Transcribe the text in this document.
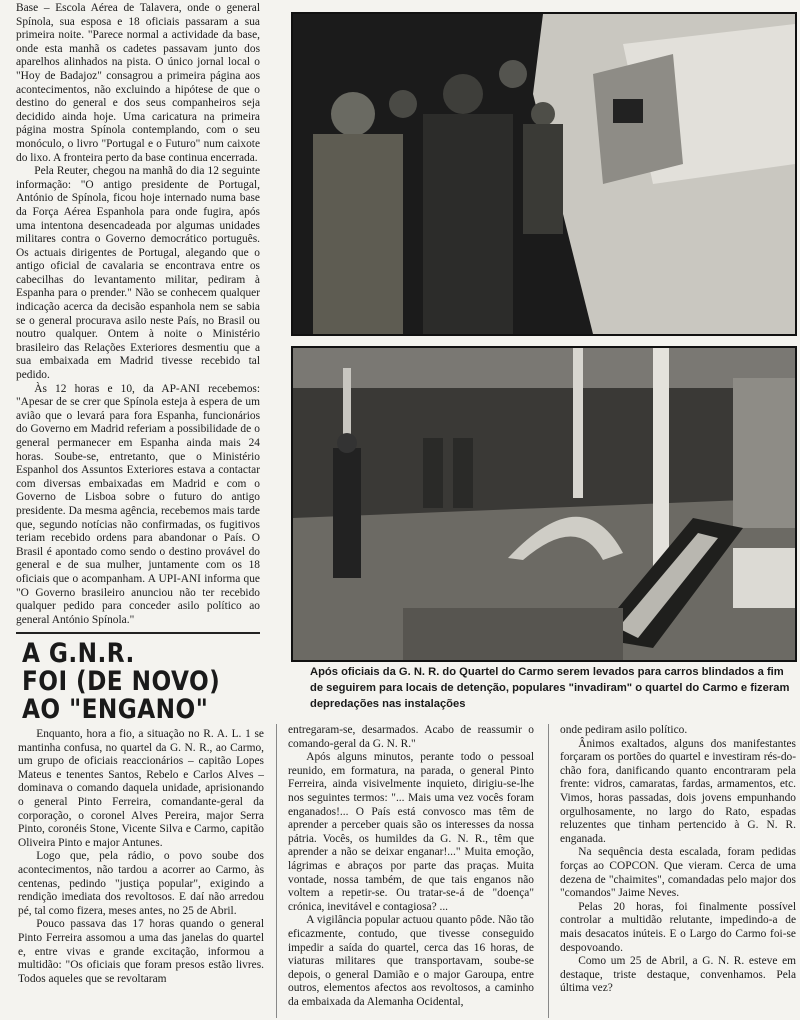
Base – Escola Aérea de Talavera, onde o general Spínola, sua esposa e 18 oficiais passaram a sua primeira noite. "Parece normal a actividade da base, onde esta manhã os cadetes passavam junto dos aparelhos alinhados na pista. O único jornal local o "Hoy de Badajoz" consagrou a primeira página aos acontecimentos, não excluindo a hipótese de que o destino do general e dos seus companheiros seja decidido ainda hoje. Uma caricatura na primeira página mostra Spínola contemplando, com o seu monóculo, o livro "Portugal e o Futuro" num caixote do lixo. A fronteira perto da base continua encerrada.

Pela Reuter, chegou na manhã do dia 12 seguinte informação: "O antigo presidente de Portugal, António de Spínola, ficou hoje internado numa base da Força Aérea Espanhola para onde fugira, após uma intentona desencadeada por algumas unidades militares contra o Governo democrático português. Os actuais dirigentes de Portugal, alegando que o antigo oficial de cavalaria se encontrava entre os cabecilhas do levantamento militar, pediram à Espanha para o prender." Não se conhecem qualquer indicação acerca da decisão espanhola nem se sabia se o general procurava asilo neste País, no Brasil ou noutro qualquer. Ontem à noite o Ministério brasileiro das Relações Exteriores desmentiu que a sua embaixada em Madrid tivesse recebido tal pedido.

Às 12 horas e 10, da AP-ANI recebemos: "Apesar de se crer que Spínola esteja à espera de um avião que o levará para fora Espanha, funcionários do Governo em Madrid referiam a possibilidade de o general permanecer em Espanha ainda mais 24 horas. Soube-se, entretanto, que o Ministério Espanhol dos Assuntos Exteriores estava a contactar com diversas embaixadas em Madrid e com o Governo de Lisboa sobre o futuro do antigo presidente. Da mesma agência, recebemos mais tarde que, segundo notícias não confirmadas, os fugitivos teriam recebido ordens para abandonar o País. O Brasil é apontado como sendo o destino provável do general e de sua mulher, juntamente com os 18 oficiais que o acompanham. A UPI-ANI informa que "O Governo brasileiro anunciou não ter recebido qualquer pedido para conceder asilo político ao general António Spínola."

A G.N.R.
FOI (DE NOVO)
AO "ENGANO"
Após oficiais da G. N. R. do Quartel do Carmo serem levados para carros blindados a fim de seguirem para locais de detenção, populares "invadiram" o quartel do Carmo e fizeram depredações nas instalações

Enquanto, hora a fio, a situação no R. A. L. 1 se mantinha confusa, no quartel da G. N. R., ao Carmo, um grupo de oficiais reaccionários – capitão Lopes Mateus e tenentes Santos, Rebelo e Carlos Alves – dominava o comando daquela unidade, aprisionando o general Pinto Ferreira, comandante-geral da corporação, o coronel Alves Pereira, major Serra Pinto, coronéis Stone, Vicente Silva e Carmo, capitão Oliveira Pinto e major Antunes.

Logo que, pela rádio, o povo soube dos acontecimentos, não tardou a acorrer ao Carmo, às centenas, pedindo "justiça popular", exigindo a rendição imediata dos revoltosos. E daí não arredou pé, tal como fizera, meses antes, no 25 de Abril.

Pouco passava das 17 horas quando o general Pinto Ferreira assomou a uma das janelas do quartel e, entre vivas e grande excitação, informou a multidão: "Os oficiais que foram presos estão livres. Todos aqueles que se revoltaram

entregaram-se, desarmados. Acabo de reassumir o comando-geral da G. N. R."

Após alguns minutos, perante todo o pessoal reunido, em formatura, na parada, o general Pinto Ferreira, ainda visivelmente inquieto, dirigiu-se-lhe nos seguintes termos: "... Mais uma vez vocês foram enganados!... O País está convosco mas têm de aprender a perceber quais são os interesses da nossa pátria. Vocês, os humildes da G. N. R., têm que aprender a não se deixar enganar!..." Muita emoção, lágrimas e abraços por parte das praças. Muita vontade, nossa também, de que tais enganos não voltem a repetir-se. Ou tratar-se-á de "doença" crónica, inevitável e contagiosa? ...

A vigilância popular actuou quanto pôde. Não tão eficazmente, contudo, que tivesse conseguido impedir a saída do quartel, cerca das 16 horas, de viaturas militares que transportavam, soube-se depois, o general Damião e o major Garoupa, entre outros, elementos afectos aos revoltosos, a caminho da embaixada da Alemanha Ocidental,

onde pediram asilo político.

Ânimos exaltados, alguns dos manifestantes forçaram os portões do quartel e investiram rés-do-chão fora, danificando quanto encontraram pela frente: vidros, camaratas, fardas, armamentos, etc. Vimos, horas passadas, dois jovens empunhando orgulhosamente, no largo do Rato, espadas reluzentes que tinham pertencido à G. N. R. enganada.

Na sequência desta escalada, foram pedidas forças ao COPCON. Que vieram. Cerca de uma dezena de "chaimites", comandadas pelo major dos "comandos" Jaime Neves.

Pelas 20 horas, foi finalmente possível controlar a multidão relutante, impedindo-a de mais desacatos inúteis. E o Largo do Carmo foi-se despovoando.

Como um 25 de Abril, a G. N. R. esteve em destaque, triste destaque, convenhamos. Pela última vez?
